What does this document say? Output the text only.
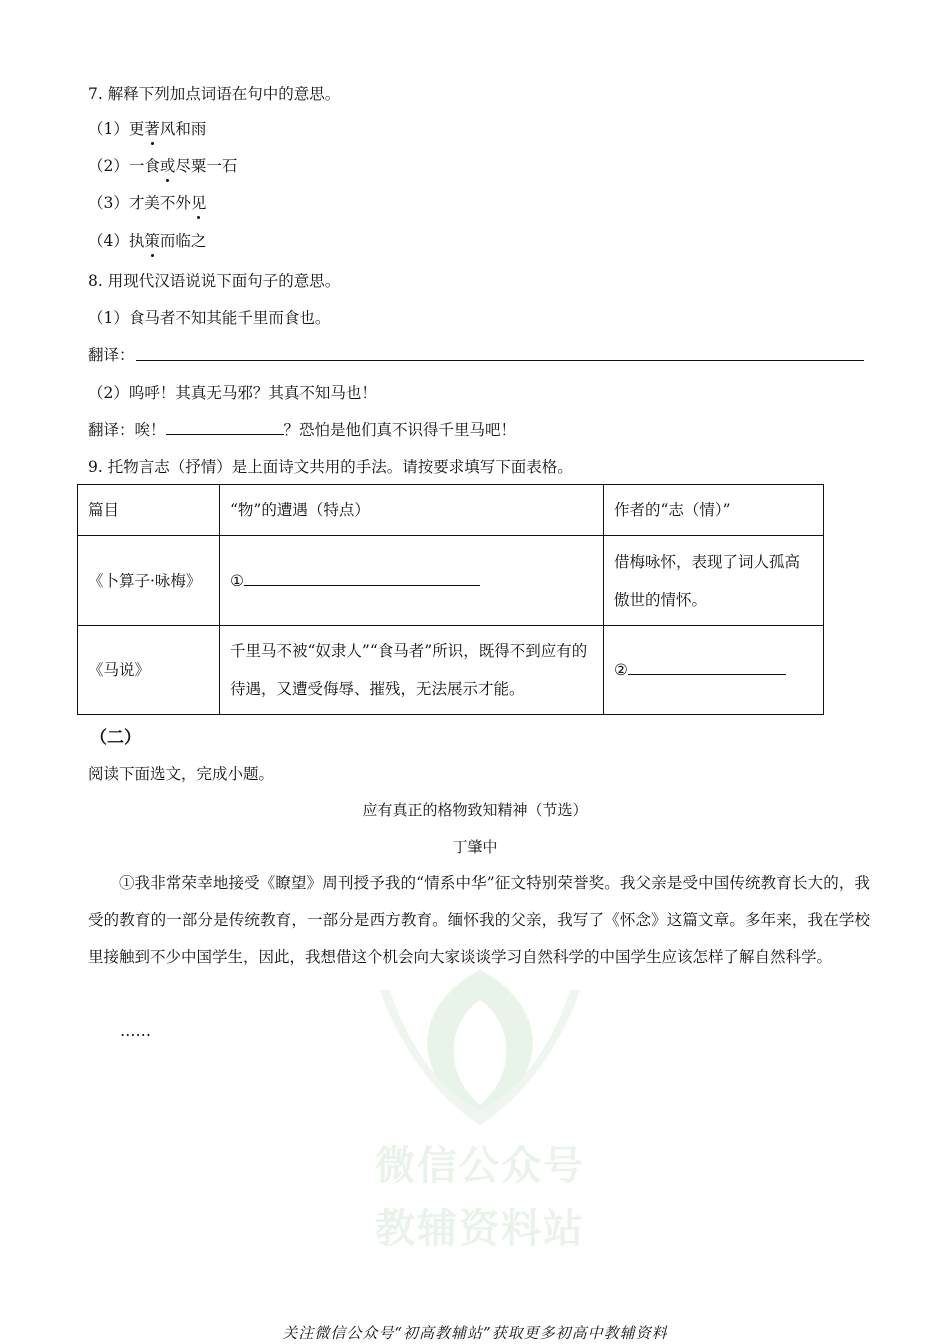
7. 解释下列加点词语在句中的意思。
（1）更著风和雨
（2）一食或尽粟一石
（3）才美不外见
（4）执策而临之
8. 用现代汉语说说下面句子的意思。
（1）食马者不知其能千里而食也。
翻译：
（2）呜呼！其真无马邪？其真不知马也！
翻译：唉！	？恐怕是他们真不识得千里马吧！
9. 托物言志（抒情）是上面诗文共用的手法。请按要求填写下面表格。
篇目	“物”的遭遇（特点）	作者的“志（情）”
《卜算子·咏梅》	①	借梅咏怀，表现了词人孤高傲世的情怀。
《马说》	千里马不被“奴隶人”“食马者”所识，既得不到应有的待遇，又遭受侮辱、摧残，无法展示才能。	②
（二）
阅读下面选文，完成小题。
应有真正的格物致知精神（节选）
丁肇中

①我非常荣幸地接受《瞭望》周刊授予我的“情系中华”征文特别荣誉奖。我父亲是受中国传统教育长大的，我受的教育的一部分是传统教育，一部分是西方教育。缅怀我的父亲，我写了《怀念》这篇文章。多年来，我在学校里接触到不少中国学生，因此，我想借这个机会向大家谈谈学习自然科学的中国学生应该怎样了解自然科学。

……
微信公众号
教辅资料站
关注微信公众号“初高教辅站”获取更多初高中教辅资料
